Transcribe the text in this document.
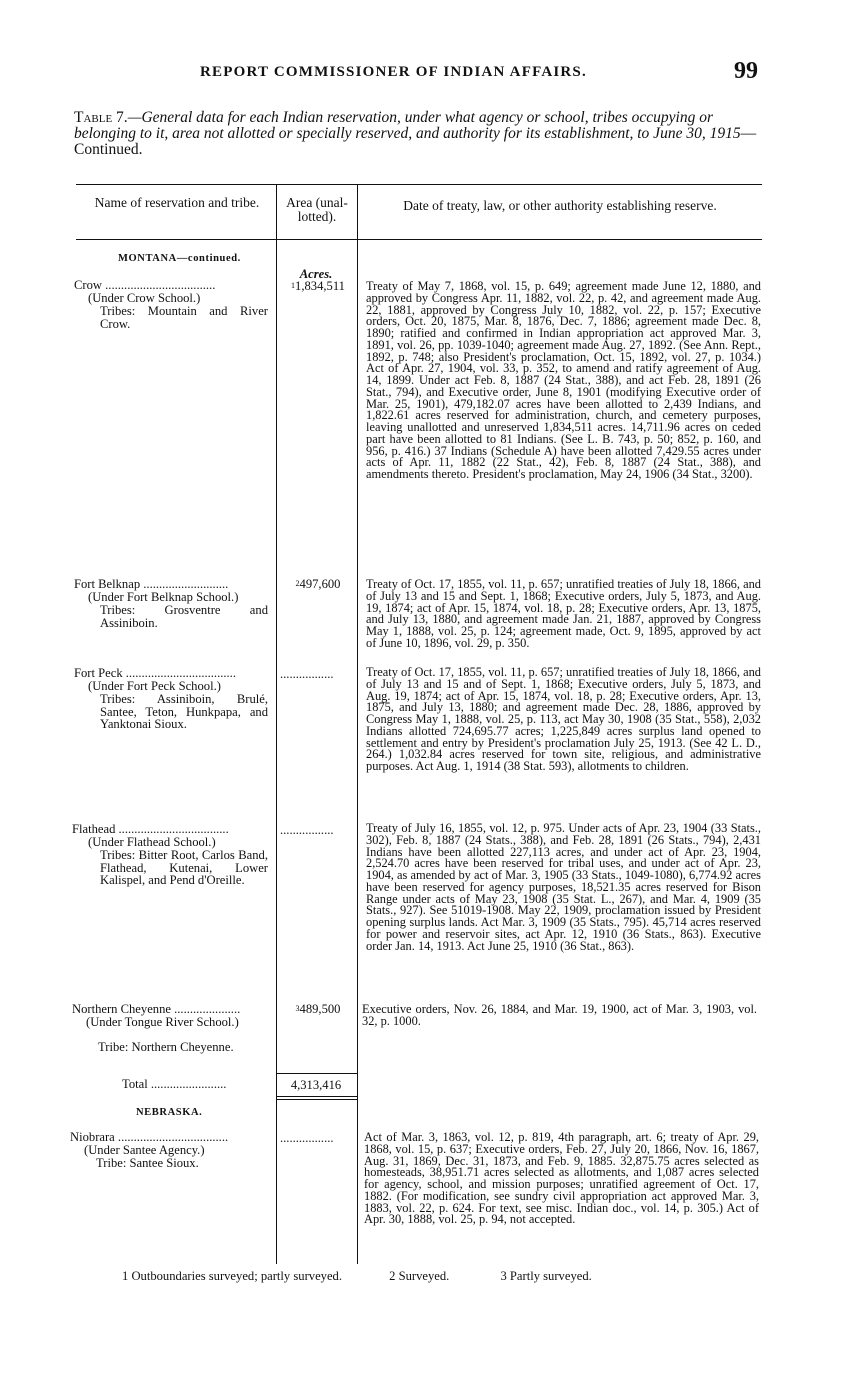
REPORT COMMISSIONER OF INDIAN AFFAIRS.	99
Table 7.—General data for each Indian reservation, under what agency or school, tribes occupying or belonging to it, area not allotted or specially reserved, and authority for its establishment, to June 30, 1915—Continued.
Name of reservation and tribe.	Area (unal-lotted).
Date of treaty, law, or other authority establishing reserve.
MONTANA—continued.
Acres.
Crow ...................................
(Under Crow School.)
Tribes: Mountain and River Crow.
$^1$1,834,511	Treaty of May 7, 1868, vol. 15, p. 649; agreement made June 12, 1880, and approved by Congress Apr. 11, 1882, vol. 22, p. 42, and agreement made Aug. 22, 1881, approved by Congress July 10, 1882, vol. 22, p. 157; Executive orders, Oct. 20, 1875, Mar. 8, 1876, Dec. 7, 1886; agreement made Dec. 8, 1890; ratified and confirmed in Indian appropriation act approved Mar. 3, 1891, vol. 26, pp. 1039-1040; agreement made Aug. 27, 1892. (See Ann. Rept., 1892, p. 748; also President's proclamation, Oct. 15, 1892, vol. 27, p. 1034.) Act of Apr. 27, 1904, vol. 33, p. 352, to amend and ratify agreement of Aug. 14, 1899. Under act Feb. 8, 1887 (24 Stat., 388), and act Feb. 28, 1891 (26 Stat., 794), and Executive order, June 8, 1901 (modifying Executive order of Mar. 25, 1901), 479,182.07 acres have been allotted to 2,439 Indians, and 1,822.61 acres reserved for administration, church, and cemetery purposes, leaving unallotted and unreserved 1,834,511 acres. 14,711.96 acres on ceded part have been allotted to 81 Indians. (See L. B. 743, p. 50; 852, p. 160, and 956, p. 416.) 37 Indians (Schedule A) have been allotted 7,429.55 acres under acts of Apr. 11, 1882 (22 Stat., 42), Feb. 8, 1887 (24 Stat., 388), and amendments thereto. President's proclamation, May 24, 1906 (34 Stat., 3200).
Fort Belknap ...........................
(Under Fort Belknap School.)
Tribes: Grosventre and Assiniboin.
$^2$497,600	Treaty of Oct. 17, 1855, vol. 11, p. 657; unratified treaties of July 18, 1866, and of July 13 and 15 and Sept. 1, 1868; Executive orders, July 5, 1873, and Aug. 19, 1874; act of Apr. 15, 1874, vol. 18, p. 28; Executive orders, Apr. 13, 1875, and July 13, 1880, and agreement made Jan. 21, 1887, approved by Congress May 1, 1888, vol. 25, p. 124; agreement made, Oct. 9, 1895, approved by act of June 10, 1896, vol. 29, p. 350.
Fort Peck ...................................
(Under Fort Peck School.)
Tribes: Assiniboin, Brulé, Santee, Teton, Hunkpapa, and Yanktonai Sioux.
.................	Treaty of Oct. 17, 1855, vol. 11, p. 657; unratified treaties of July 18, 1866, and of July 13 and 15 and of Sept. 1, 1868; Executive orders, July 5, 1873, and Aug. 19, 1874; act of Apr. 15, 1874, vol. 18, p. 28; Executive orders, Apr. 13, 1875, and July 13, 1880; and agreement made Dec. 28, 1886, approved by Congress May 1, 1888, vol. 25, p. 113, act May 30, 1908 (35 Stat., 558), 2,032 Indians allotted 724,695.77 acres; 1,225,849 acres surplus land opened to settlement and entry by President's proclamation July 25, 1913. (See 42 L. D., 264.) 1,032.84 acres reserved for town site, religious, and administrative purposes. Act Aug. 1, 1914 (38 Stat. 593), allotments to children.
Flathead ...................................
(Under Flathead School.)
Tribes: Bitter Root, Carlos Band, Flathead, Kutenai, Lower Kalispel, and Pend d'Oreille.
.................	Treaty of July 16, 1855, vol. 12, p. 975. Under acts of Apr. 23, 1904 (33 Stats., 302), Feb. 8, 1887 (24 Stats., 388), and Feb. 28, 1891 (26 Stats., 794), 2,431 Indians have been allotted 227,113 acres, and under act of Apr. 23, 1904, 2,524.70 acres have been reserved for tribal uses, and under act of Apr. 23, 1904, as amended by act of Mar. 3, 1905 (33 Stats., 1049-1080), 6,774.92 acres have been reserved for agency purposes, 18,521.35 acres reserved for Bison Range under acts of May 23, 1908 (35 Stat. L., 267), and Mar. 4, 1909 (35 Stats., 927). See 51019-1908. May 22, 1909, proclamation issued by President opening surplus lands. Act Mar. 3, 1909 (35 Stats., 795). 45,714 acres reserved for power and reservoir sites, act Apr. 12, 1910 (36 Stats., 863). Executive order Jan. 14, 1913. Act June 25, 1910 (36 Stat., 863).
Northern Cheyenne .....................
(Under Tongue River School.)
Tribe: Northern Cheyenne.
$^3$489,500	Executive orders, Nov. 26, 1884, and Mar. 19, 1900, act of Mar. 3, 1903, vol. 32, p. 1000.
Total ........................	4,313,416
NEBRASKA.
Niobrara ...................................
(Under Santee Agency.)
Tribe: Santee Sioux.
.................	Act of Mar. 3, 1863, vol. 12, p. 819, 4th paragraph, art. 6; treaty of Apr. 29, 1868, vol. 15, p. 637; Executive orders, Feb. 27, July 20, 1866, Nov. 16, 1867, Aug. 31, 1869, Dec. 31, 1873, and Feb. 9, 1885. 32,875.75 acres selected as homesteads, 38,951.71 acres selected as allotments, and 1,087 acres selected for agency, school, and mission purposes; unratified agreement of Oct. 17, 1882. (For modification, see sundry civil appropriation act approved Mar. 3, 1883, vol. 22, p. 624. For text, see misc. Indian doc., vol. 14, p. 305.) Act of Apr. 30, 1888, vol. 25, p. 94, not accepted.
1 Outboundaries surveyed; partly surveyed.	2 Surveyed.	3 Partly surveyed.
